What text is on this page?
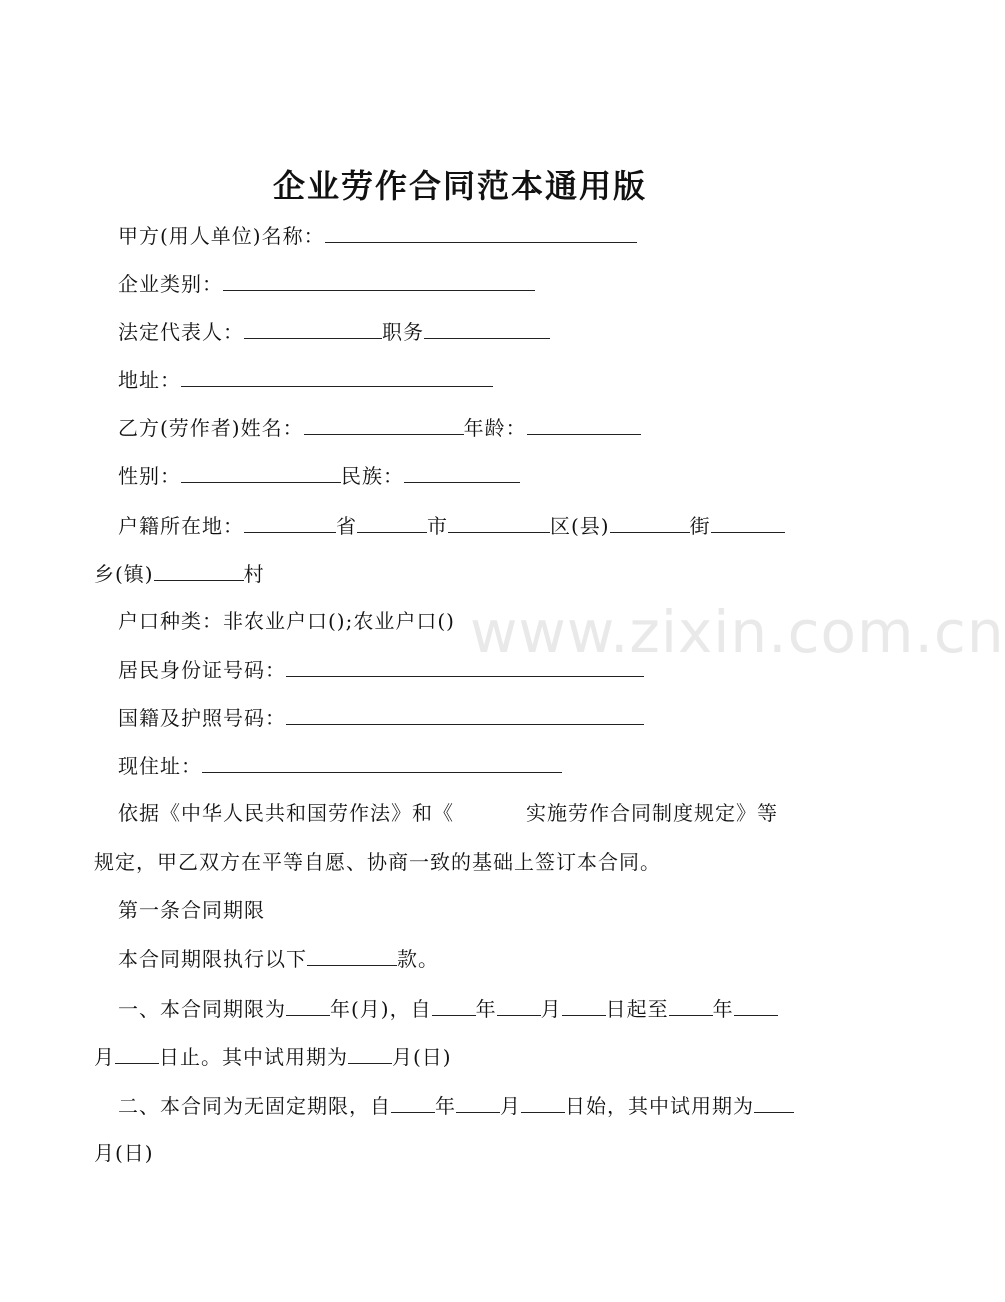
www.zixin.com.cn
企业劳作合同范本通用版
甲方(用人单位)名称：
企业类别：
法定代表人：	职务
地址：
乙方(劳作者)姓名：	年龄：
性别：	民族：
户籍所在地：	省	市	区(县)	街
乡(镇)	村
户口种类：非农业户口();农业户口()
居民身份证号码：
国籍及护照号码：
现住址：
依据《中华人民共和国劳作法》和《	实施劳作合同制度规定》等
规定，甲乙双方在平等自愿、协商一致的基础上签订本合同。
第一条合同期限
本合同期限执行以下	款。
一、本合同期限为 年(月)，自 年 月 日起至 年
月 日止。其中试用期为 月(日)
二、本合同为无固定期限，自 年 月 日始，其中试用期为
月(日)
